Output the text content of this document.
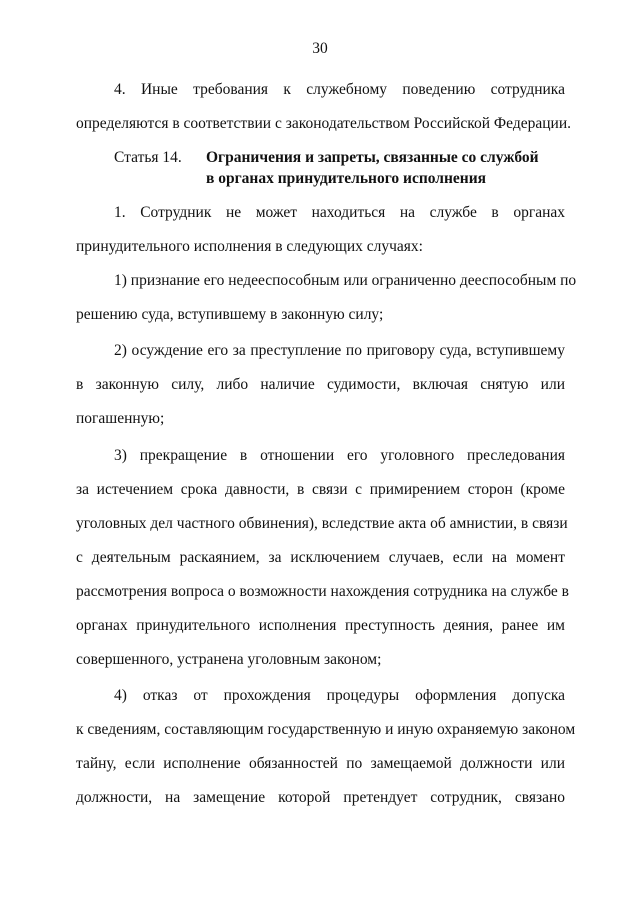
30
4. Иные требования к служебному поведению сотрудника
определяются в соответствии с законодательством Российской Федерации.
Статья 14. Ограничения и запреты, связанные со службой
в органах принудительного исполнения
1. Сотрудник не может находиться на службе в органах
принудительного исполнения в следующих случаях:
1) признание его недееспособным или ограниченно дееспособным по
решению суда, вступившему в законную силу;
2) осуждение его за преступление по приговору суда, вступившему
в законную силу, либо наличие судимости, включая снятую или
погашенную;
3) прекращение в отношении его уголовного преследования
за истечением срока давности, в связи с примирением сторон (кроме
уголовных дел частного обвинения), вследствие акта об амнистии, в связи
с деятельным раскаянием, за исключением случаев, если на момент
рассмотрения вопроса о возможности нахождения сотрудника на службе в
органах принудительного исполнения преступность деяния, ранее им
совершенного, устранена уголовным законом;
4) отказ от прохождения процедуры оформления допуска
к сведениям, составляющим государственную и иную охраняемую законом
тайну, если исполнение обязанностей по замещаемой должности или
должности, на замещение которой претендует сотрудник, связано
